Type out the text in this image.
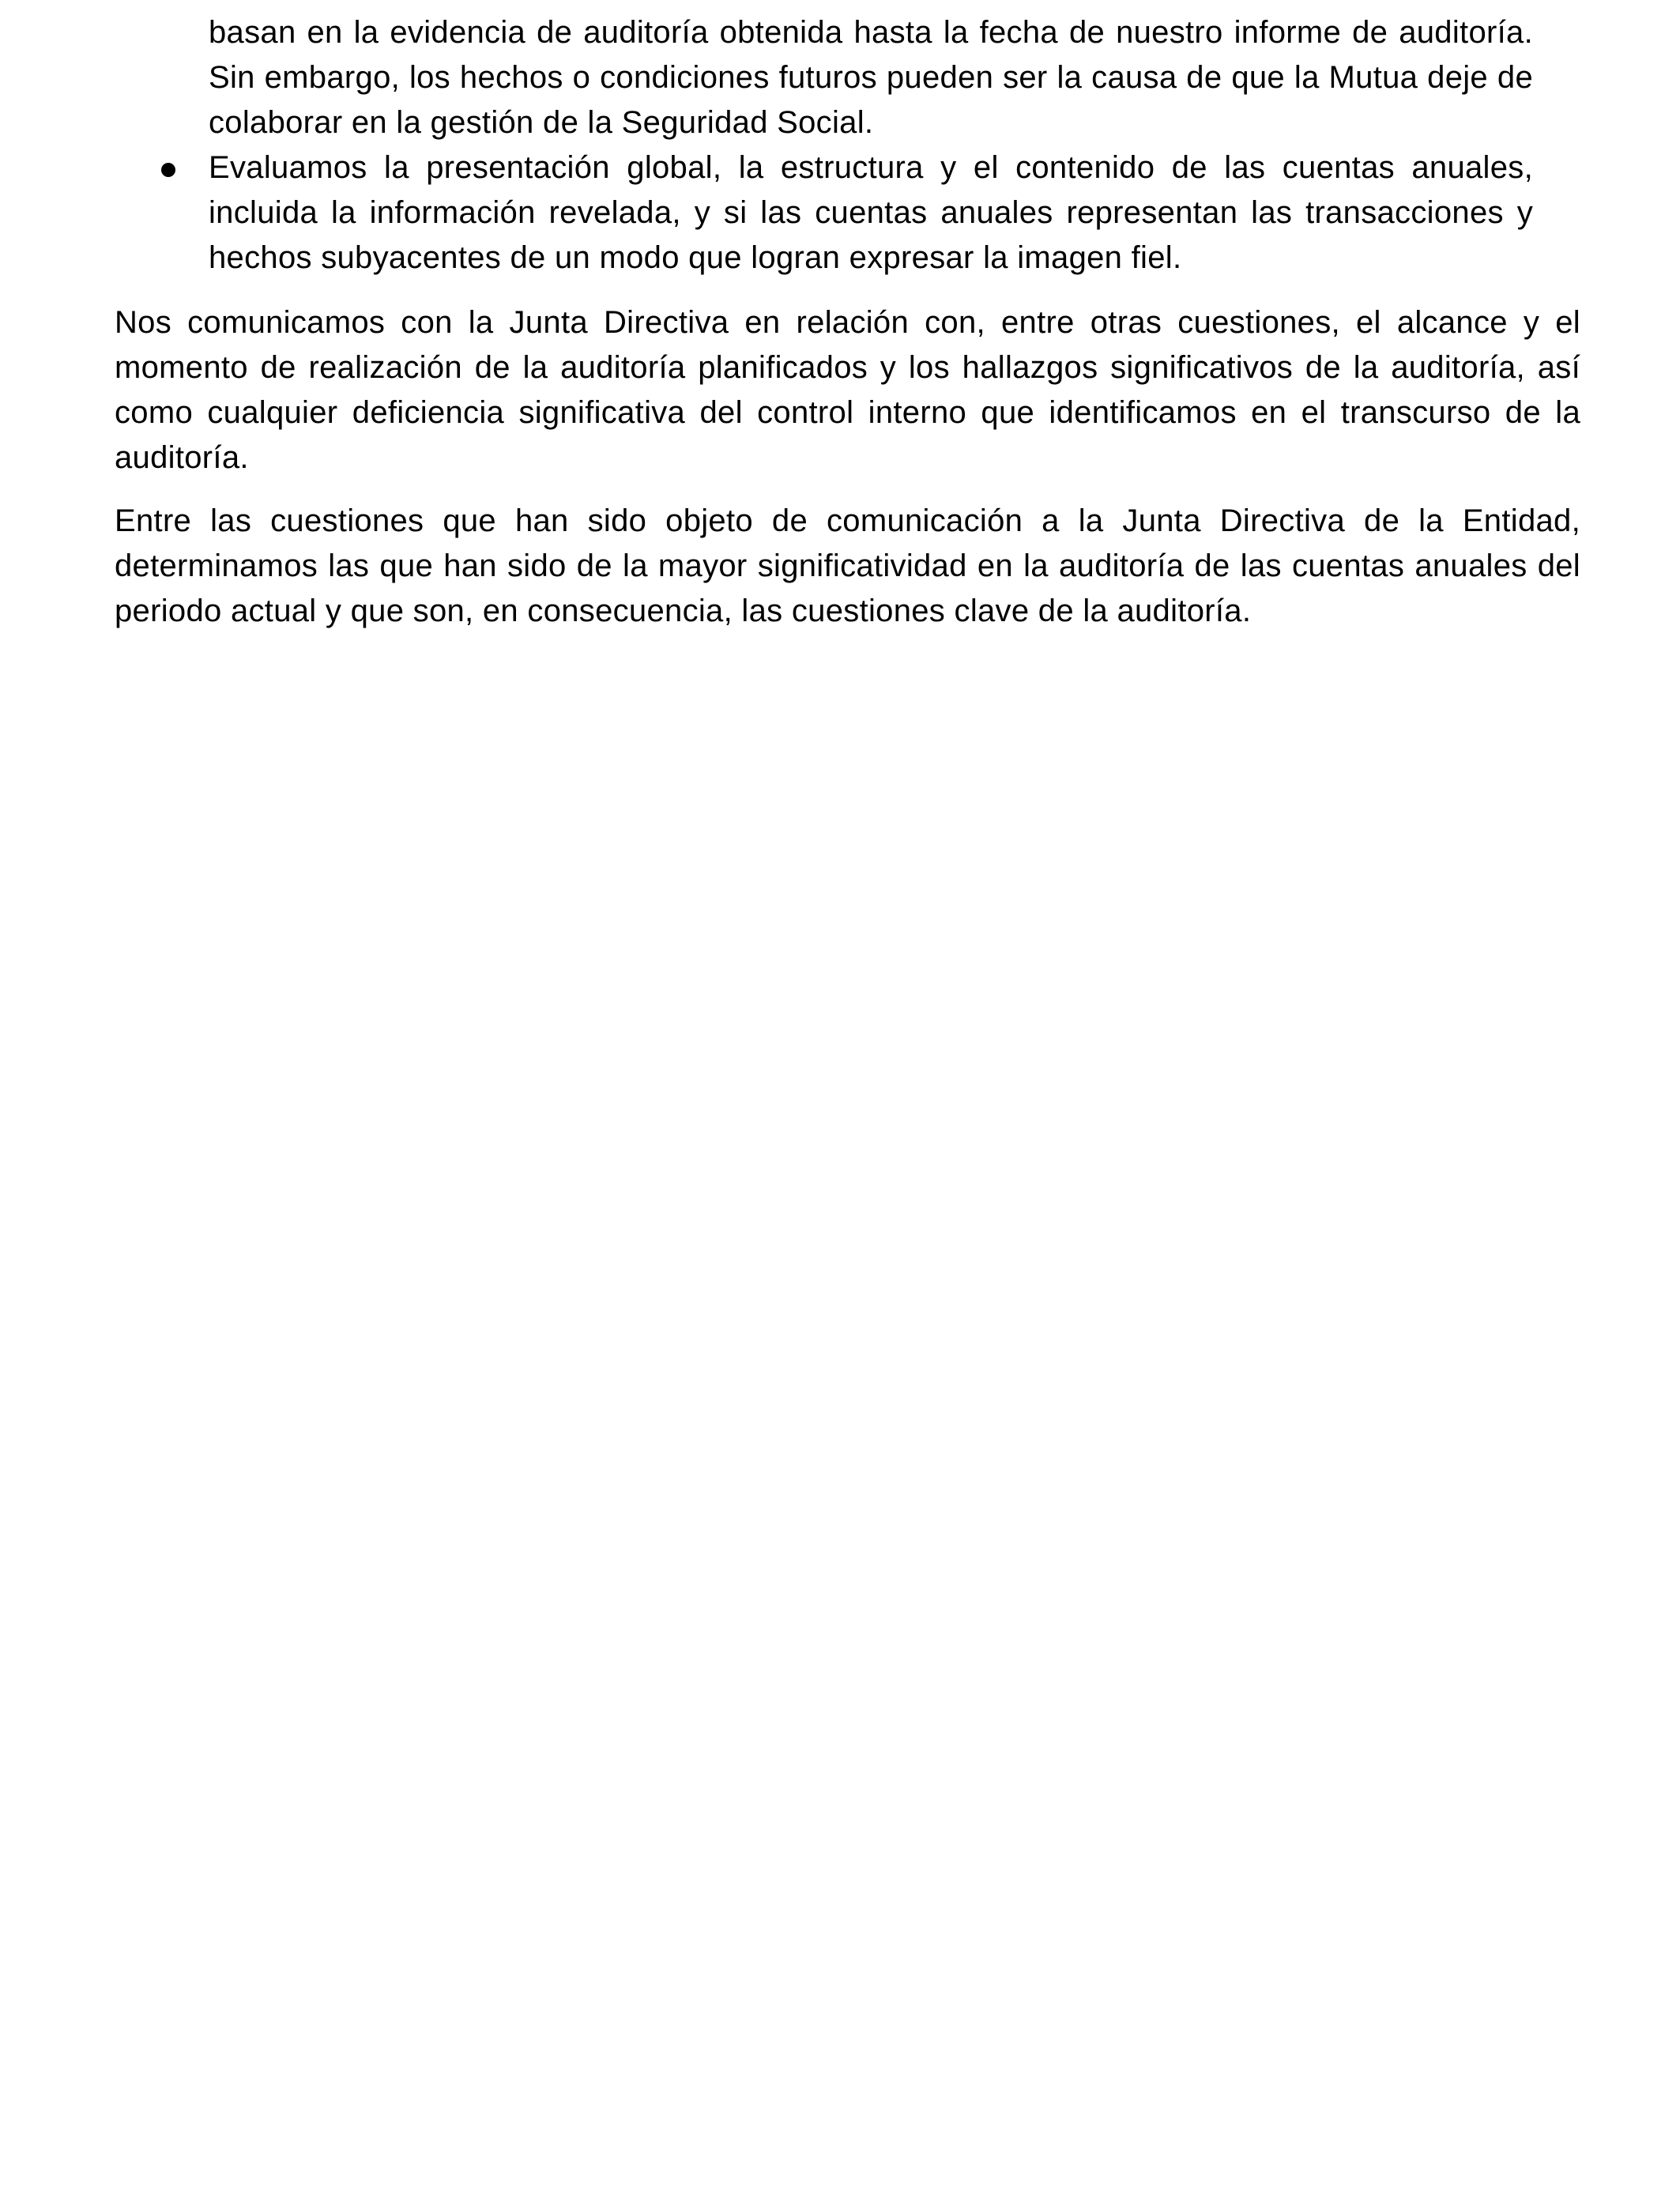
basan en la evidencia de auditoría obtenida hasta la fecha de nuestro informe de auditoría. Sin embargo, los hechos o condiciones futuros pueden ser la causa de que la Mutua deje de colaborar en la gestión de la Seguridad Social.

Evaluamos la presentación global, la estructura y el contenido de las cuentas anuales, incluida la información revelada, y si las cuentas anuales representan las transacciones y hechos subyacentes de un modo que logran expresar la imagen fiel.

Nos comunicamos con la Junta Directiva en relación con, entre otras cuestiones, el alcance y el momento de realización de la auditoría planificados y los hallazgos significativos de la auditoría, así como cualquier deficiencia significativa del control interno que identificamos en el transcurso de la auditoría.

Entre las cuestiones que han sido objeto de comunicación a la Junta Directiva de la Entidad, determinamos las que han sido de la mayor significatividad en la auditoría de las cuentas anuales del periodo actual y que son, en consecuencia, las cuestiones clave de la auditoría.
